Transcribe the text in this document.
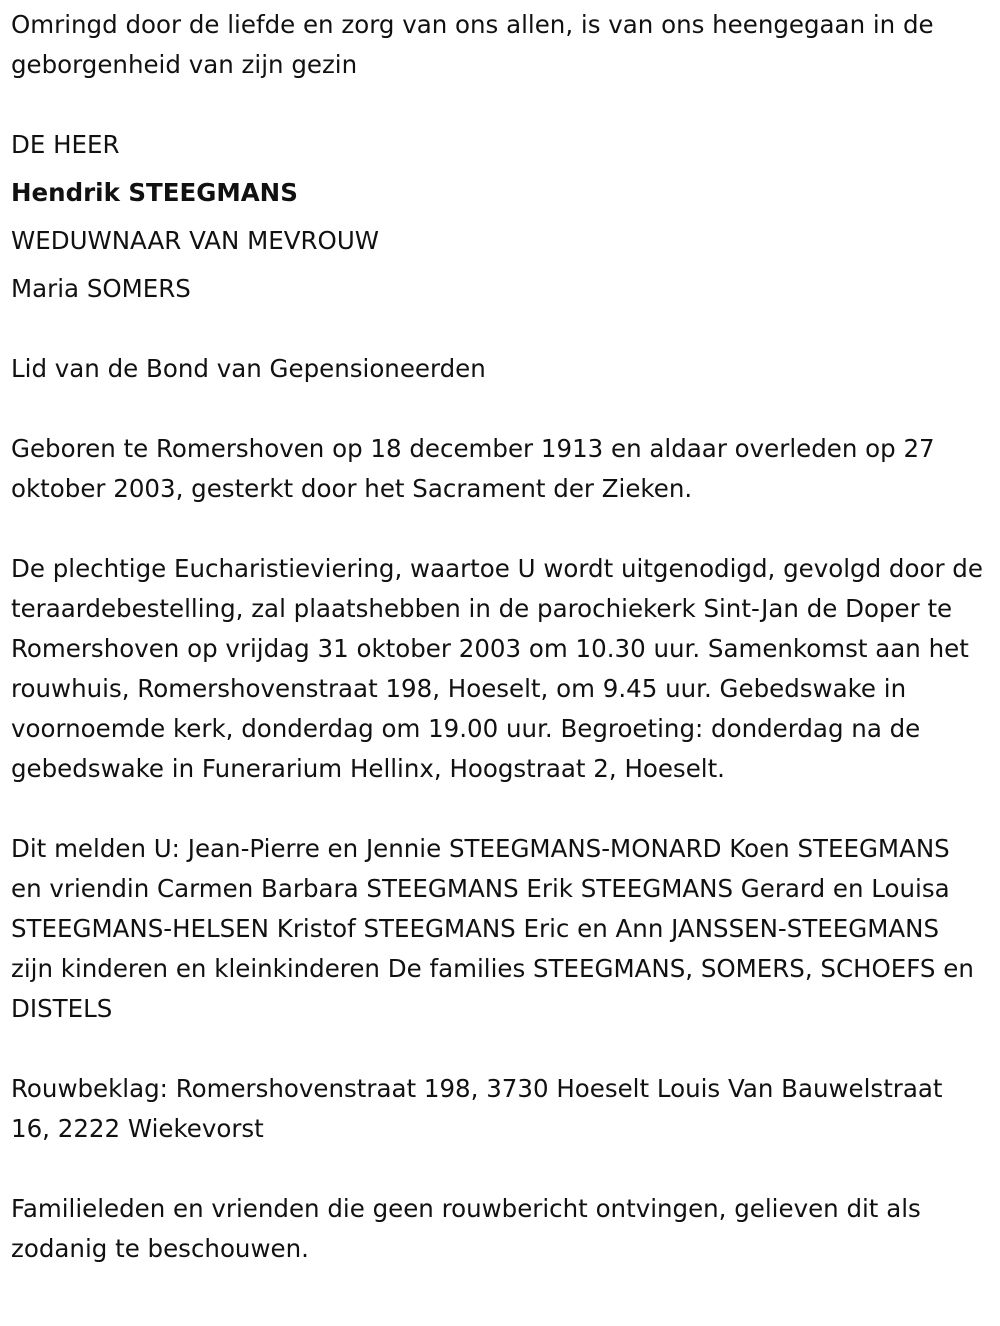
Omringd door de liefde en zorg van ons allen, is van ons heengegaan in de geborgenheid van zijn gezin

DE HEER

Hendrik STEEGMANS

WEDUWNAAR VAN MEVROUW

Maria SOMERS

Lid van de Bond van Gepensioneerden

Geboren te Romershoven op 18 december 1913 en aldaar overleden op 27 oktober 2003, gesterkt door het Sacrament der Zieken.

De plechtige Eucharistieviering, waartoe U wordt uitgenodigd, gevolgd door de teraardebestelling, zal plaatshebben in de parochiekerk Sint-Jan de Doper te Romershoven op vrijdag 31 oktober 2003 om 10.30 uur. Samenkomst aan het rouwhuis, Romershovenstraat 198, Hoeselt, om 9.45 uur. Gebedswake in voornoemde kerk, donderdag om 19.00 uur. Begroeting: donderdag na de gebedswake in Funerarium Hellinx, Hoogstraat 2, Hoeselt.

Dit melden U: Jean-Pierre en Jennie STEEGMANS-MONARD Koen STEEGMANS en vriendin Carmen Barbara STEEGMANS Erik STEEGMANS Gerard en Louisa STEEGMANS-HELSEN Kristof STEEGMANS Eric en Ann JANSSEN-STEEGMANS zijn kinderen en kleinkinderen De families STEEGMANS, SOMERS, SCHOEFS en DISTELS

Rouwbeklag: Romershovenstraat 198, 3730 Hoeselt Louis Van Bauwelstraat 16, 2222 Wiekevorst

Familieleden en vrienden die geen rouwbericht ontvingen, gelieven dit als zodanig te beschouwen.
